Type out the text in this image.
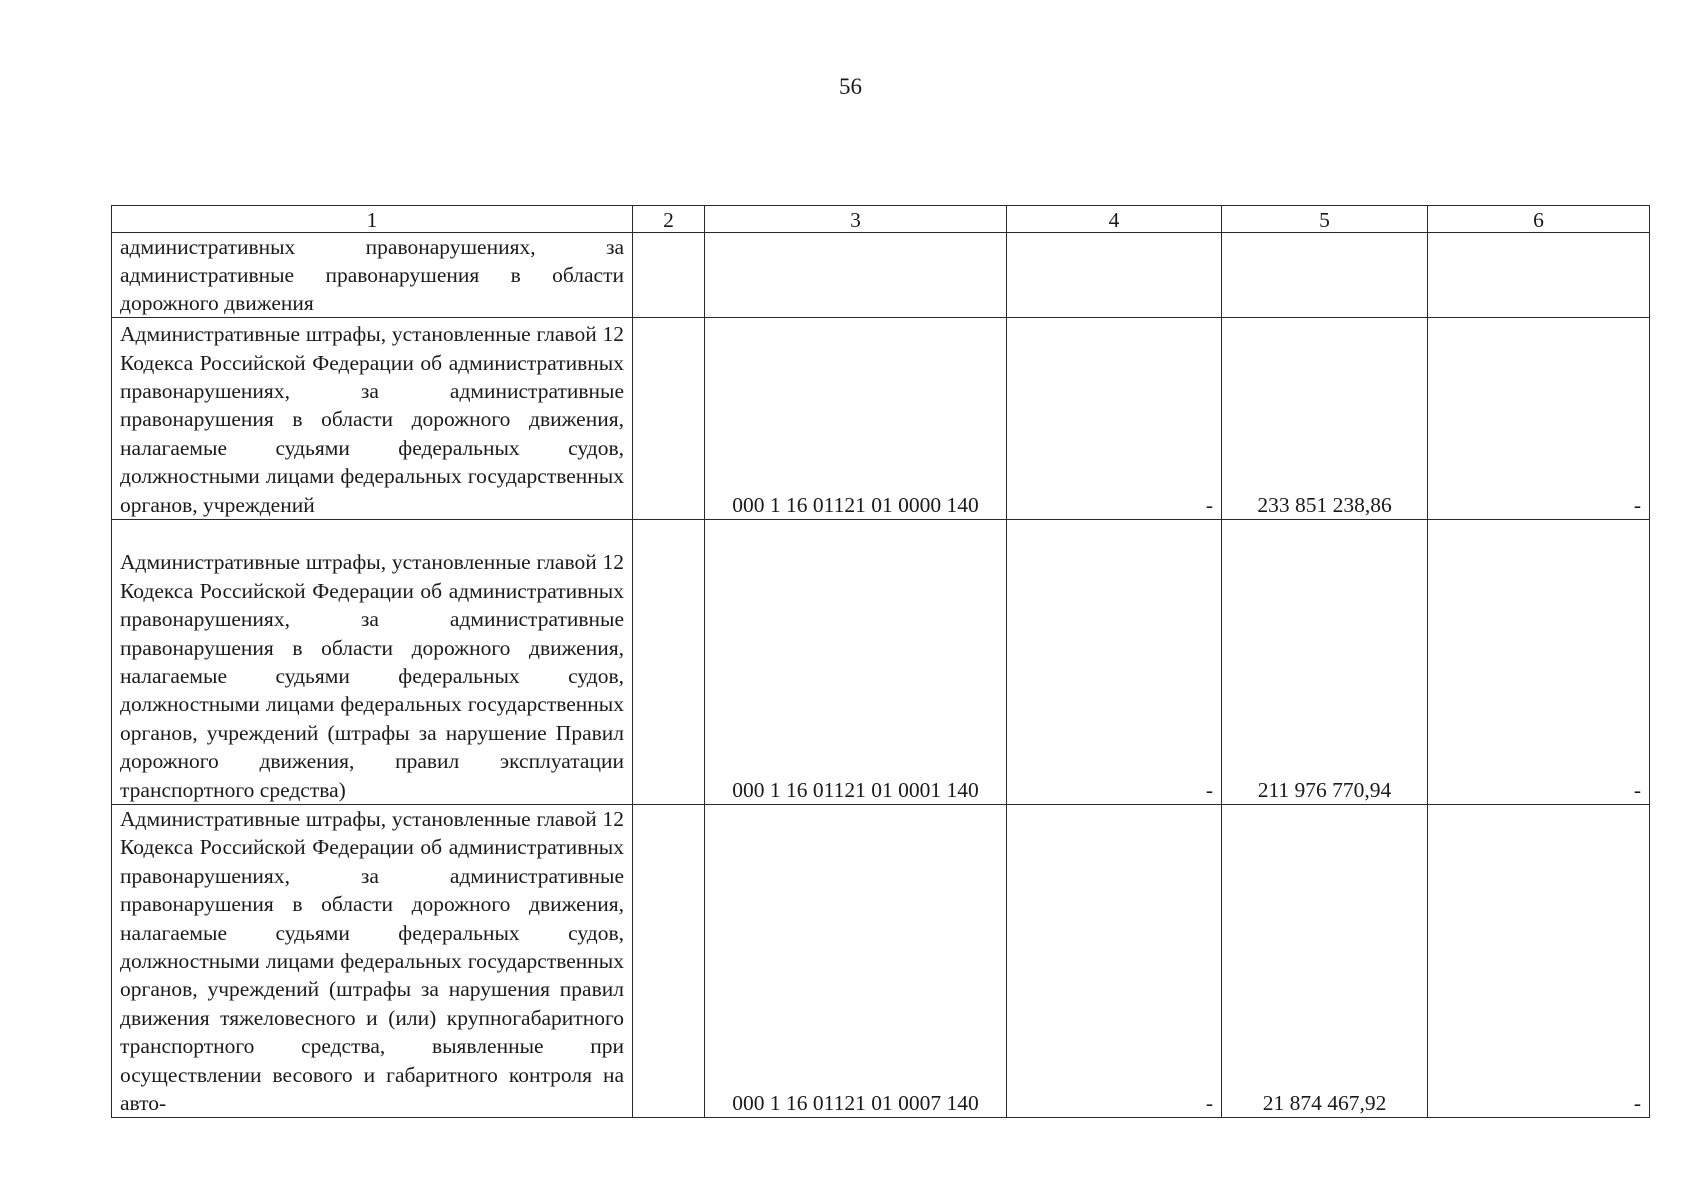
56
1	2	3	4	5	6
административных правонарушениях, за административные правонарушения в области дорожного движения					
Административные штрафы, установленные главой 12 Кодекса Российской Федерации об административных правонарушениях, за административные правонарушения в области дорожного движения, налагаемые судьями федеральных судов, должностными лицами федеральных государственных органов, учреждений		000 1 16 01121 01 0000 140	-	233 851 238,86	-
Административные штрафы, установленные главой 12 Кодекса Российской Федерации об административных правонарушениях, за административные правонарушения в области дорожного движения, налагаемые судьями федеральных судов, должностными лицами федеральных государственных органов, учреждений (штрафы за нарушение Правил дорожного движения, правил эксплуатации транспортного средства)		000 1 16 01121 01 0001 140	-	211 976 770,94	-
Административные штрафы, установленные главой 12 Кодекса Российской Федерации об административных правонарушениях, за административные правонарушения в области дорожного движения, налагаемые судьями федеральных судов, должностными лицами федеральных государственных органов, учреждений (штрафы за нарушения правил движения тяжеловесного и (или) крупногабаритного транспортного средства, выявленные при осуществлении весового и габаритного контроля на авто-		000 1 16 01121 01 0007 140	-	21 874 467,92	-
